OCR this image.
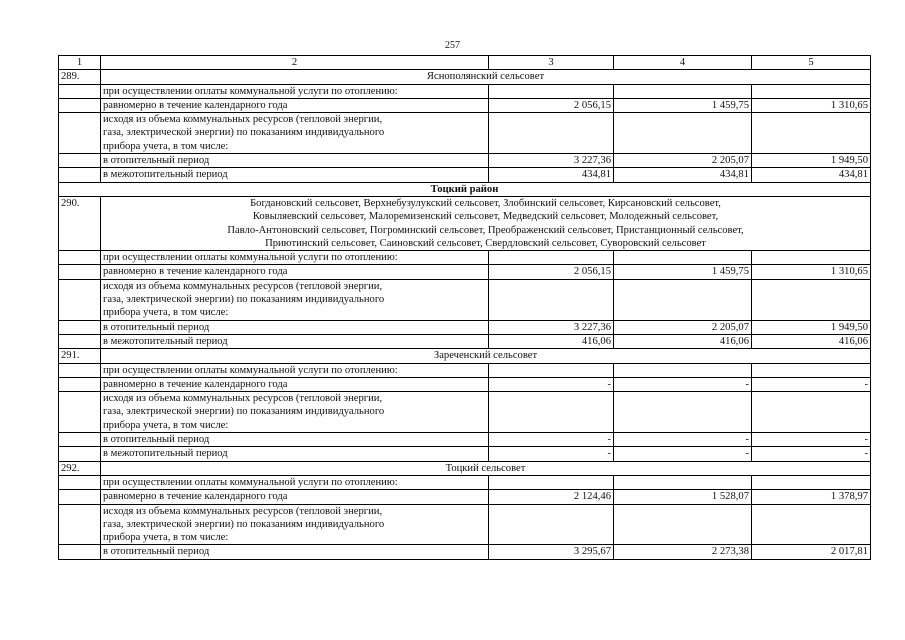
257
1	2	3	4	5
289.	Яснополянский сельсовет			
	при осуществлении оплаты коммунальной услуги по отоплению:			
	равномерно в течение календарного года	2 056,15	1 459,75	1 310,65

	исходя из объема коммунальных ресурсов (тепловой энергии,
газа, электрической энергии) по показаниям индивидуального
прибора учета, в том числе:			

	в отопительный период	3 227,36	2 205,07	1 949,50
	в межотопительный период	434,81	434,81	434,81
Тоцкий район				
290.	Богдановский сельсовет, Верхнебузулукский сельсовет, Злобинский сельсовет, Кирсановский сельсовет,
Ковыляевский сельсовет, Малоремизенский сельсовет, Медведский сельсовет, Молодежный сельсовет,
Павло-Антоновский сельсовет, Погроминский сельсовет, Преображенский сельсовет, Пристанционный сельсовет,
Приютинский сельсовет, Саиновский сельсовет, Свердловский сельсовет, Суворовский сельсовет			

	при осуществлении оплаты коммунальной услуги по отоплению:			
	равномерно в течение календарного года	2 056,15	1 459,75	1 310,65

	исходя из объема коммунальных ресурсов (тепловой энергии,
газа, электрической энергии) по показаниям индивидуального
прибора учета, в том числе:			

	в отопительный период	3 227,36	2 205,07	1 949,50
	в межотопительный период	416,06	416,06	416,06
291.	Зареченский сельсовет			
	при осуществлении оплаты коммунальной услуги по отоплению:			
	равномерно в течение календарного года	-	-	-

	исходя из объема коммунальных ресурсов (тепловой энергии,
газа, электрической энергии) по показаниям индивидуального
прибора учета, в том числе:			

	в отопительный период	-	-	-
	в межотопительный период	-	-	-
292.	Тоцкий сельсовет			
	при осуществлении оплаты коммунальной услуги по отоплению:			
	равномерно в течение календарного года	2 124,46	1 528,07	1 378,97

	исходя из объема коммунальных ресурсов (тепловой энергии,
газа, электрической энергии) по показаниям индивидуального
прибора учета, в том числе:			

	в отопительный период	3 295,67	2 273,38	2 017,81
